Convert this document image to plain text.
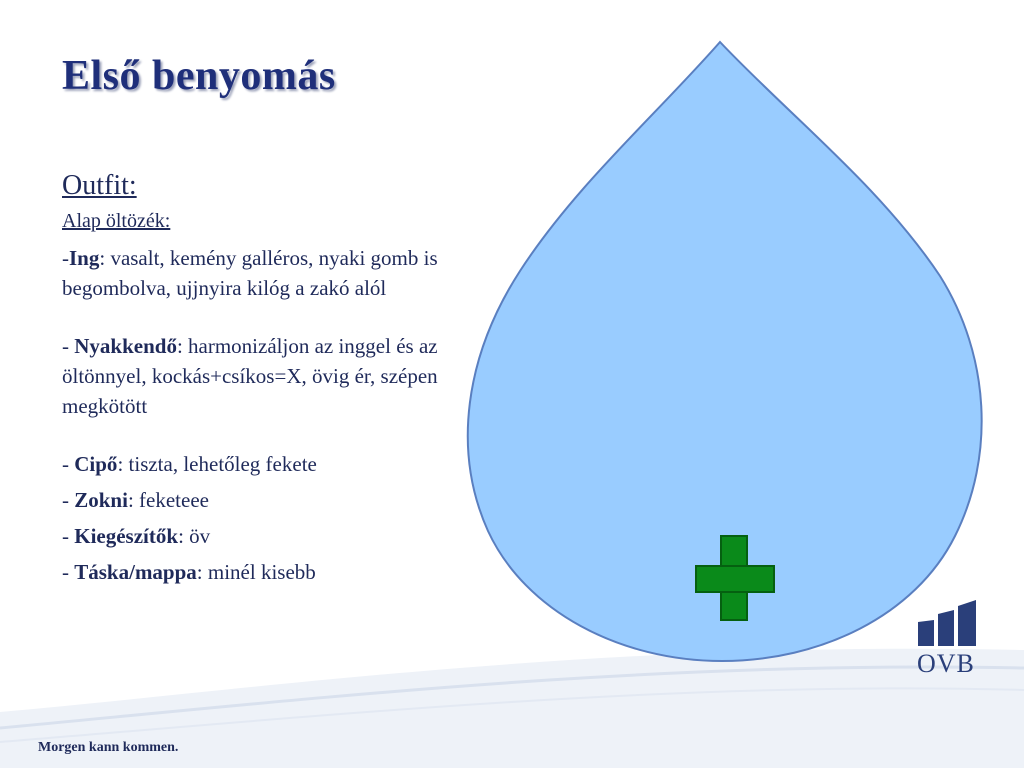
Első benyomás
Outfit:
Alap öltözék:
-Ing: vasalt, kemény galléros, nyaki gomb is begombolva, ujjnyira kilóg a zakó alól
- Nyakkendő: harmonizáljon az inggel és az öltönnyel, kockás+csíkos=X, övig ér, szépen megkötött
- Cipő: tiszta, lehetőleg fekete
- Zokni: feketeee
- Kiegészítők: öv
- Táska/mappa: minél kisebb
OVB
Morgen kann kommen.
